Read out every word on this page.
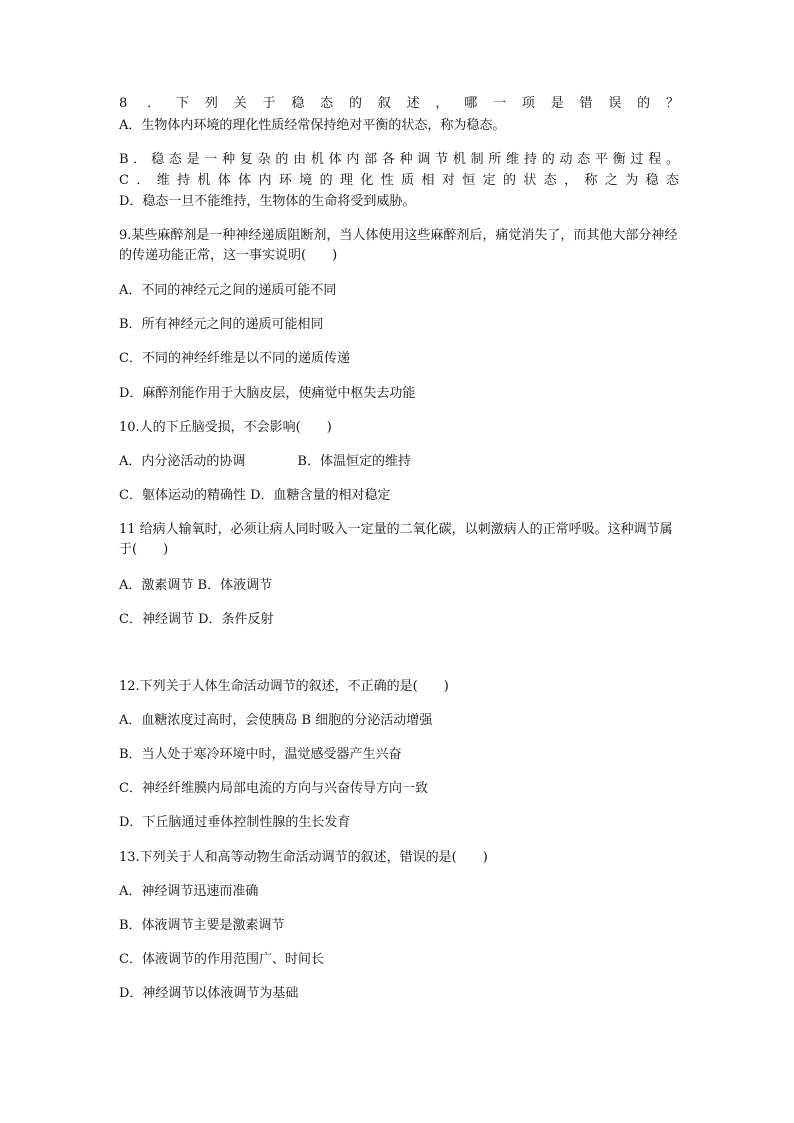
8 ．下列关于稳态的叙述，哪一项是错误的？
A．生物体内环境的理化性质经常保持绝对平衡的状态，称为稳态。
B．稳态是一种复杂的由机体内部各种调节机制所维持的动态平衡过程。
C．维持机体体内环境的理化性质相对恒定的状态，称之为稳态
D．稳态一旦不能维持，生物体的生命将受到威胁。
9.某些麻醉剂是一种神经递质阻断剂，当人体使用这些麻醉剂后，痛觉消失了，而其他大部分神经的传递功能正常，这一事实说明(　　)
A．不同的神经元之间的递质可能不同
B．所有神经元之间的递质可能相同
C．不同的神经纤维是以不同的递质传递
D．麻醉剂能作用于大脑皮层，使痛觉中枢失去功能
10.人的下丘脑受损，不会影响(　　)
A．内分泌活动的协调　　　　B．体温恒定的维持
C．躯体运动的精确性 D．血糖含量的相对稳定
11 给病人输氧时，必须让病人同时吸入一定量的二氧化碳，以刺激病人的正常呼吸。这种调节属于(　　)
A．激素调节 B．体液调节
C．神经调节 D．条件反射
12.下列关于人体生命活动调节的叙述，不正确的是(　　)
A．血糖浓度过高时，会使胰岛 B 细胞的分泌活动增强
B．当人处于寒冷环境中时，温觉感受器产生兴奋
C．神经纤维膜内局部电流的方向与兴奋传导方向一致
D．下丘脑通过垂体控制性腺的生长发育
13.下列关于人和高等动物生命活动调节的叙述，错误的是(　　)
A．神经调节迅速而准确
B．体液调节主要是激素调节
C．体液调节的作用范围广、时间长
D．神经调节以体液调节为基础
